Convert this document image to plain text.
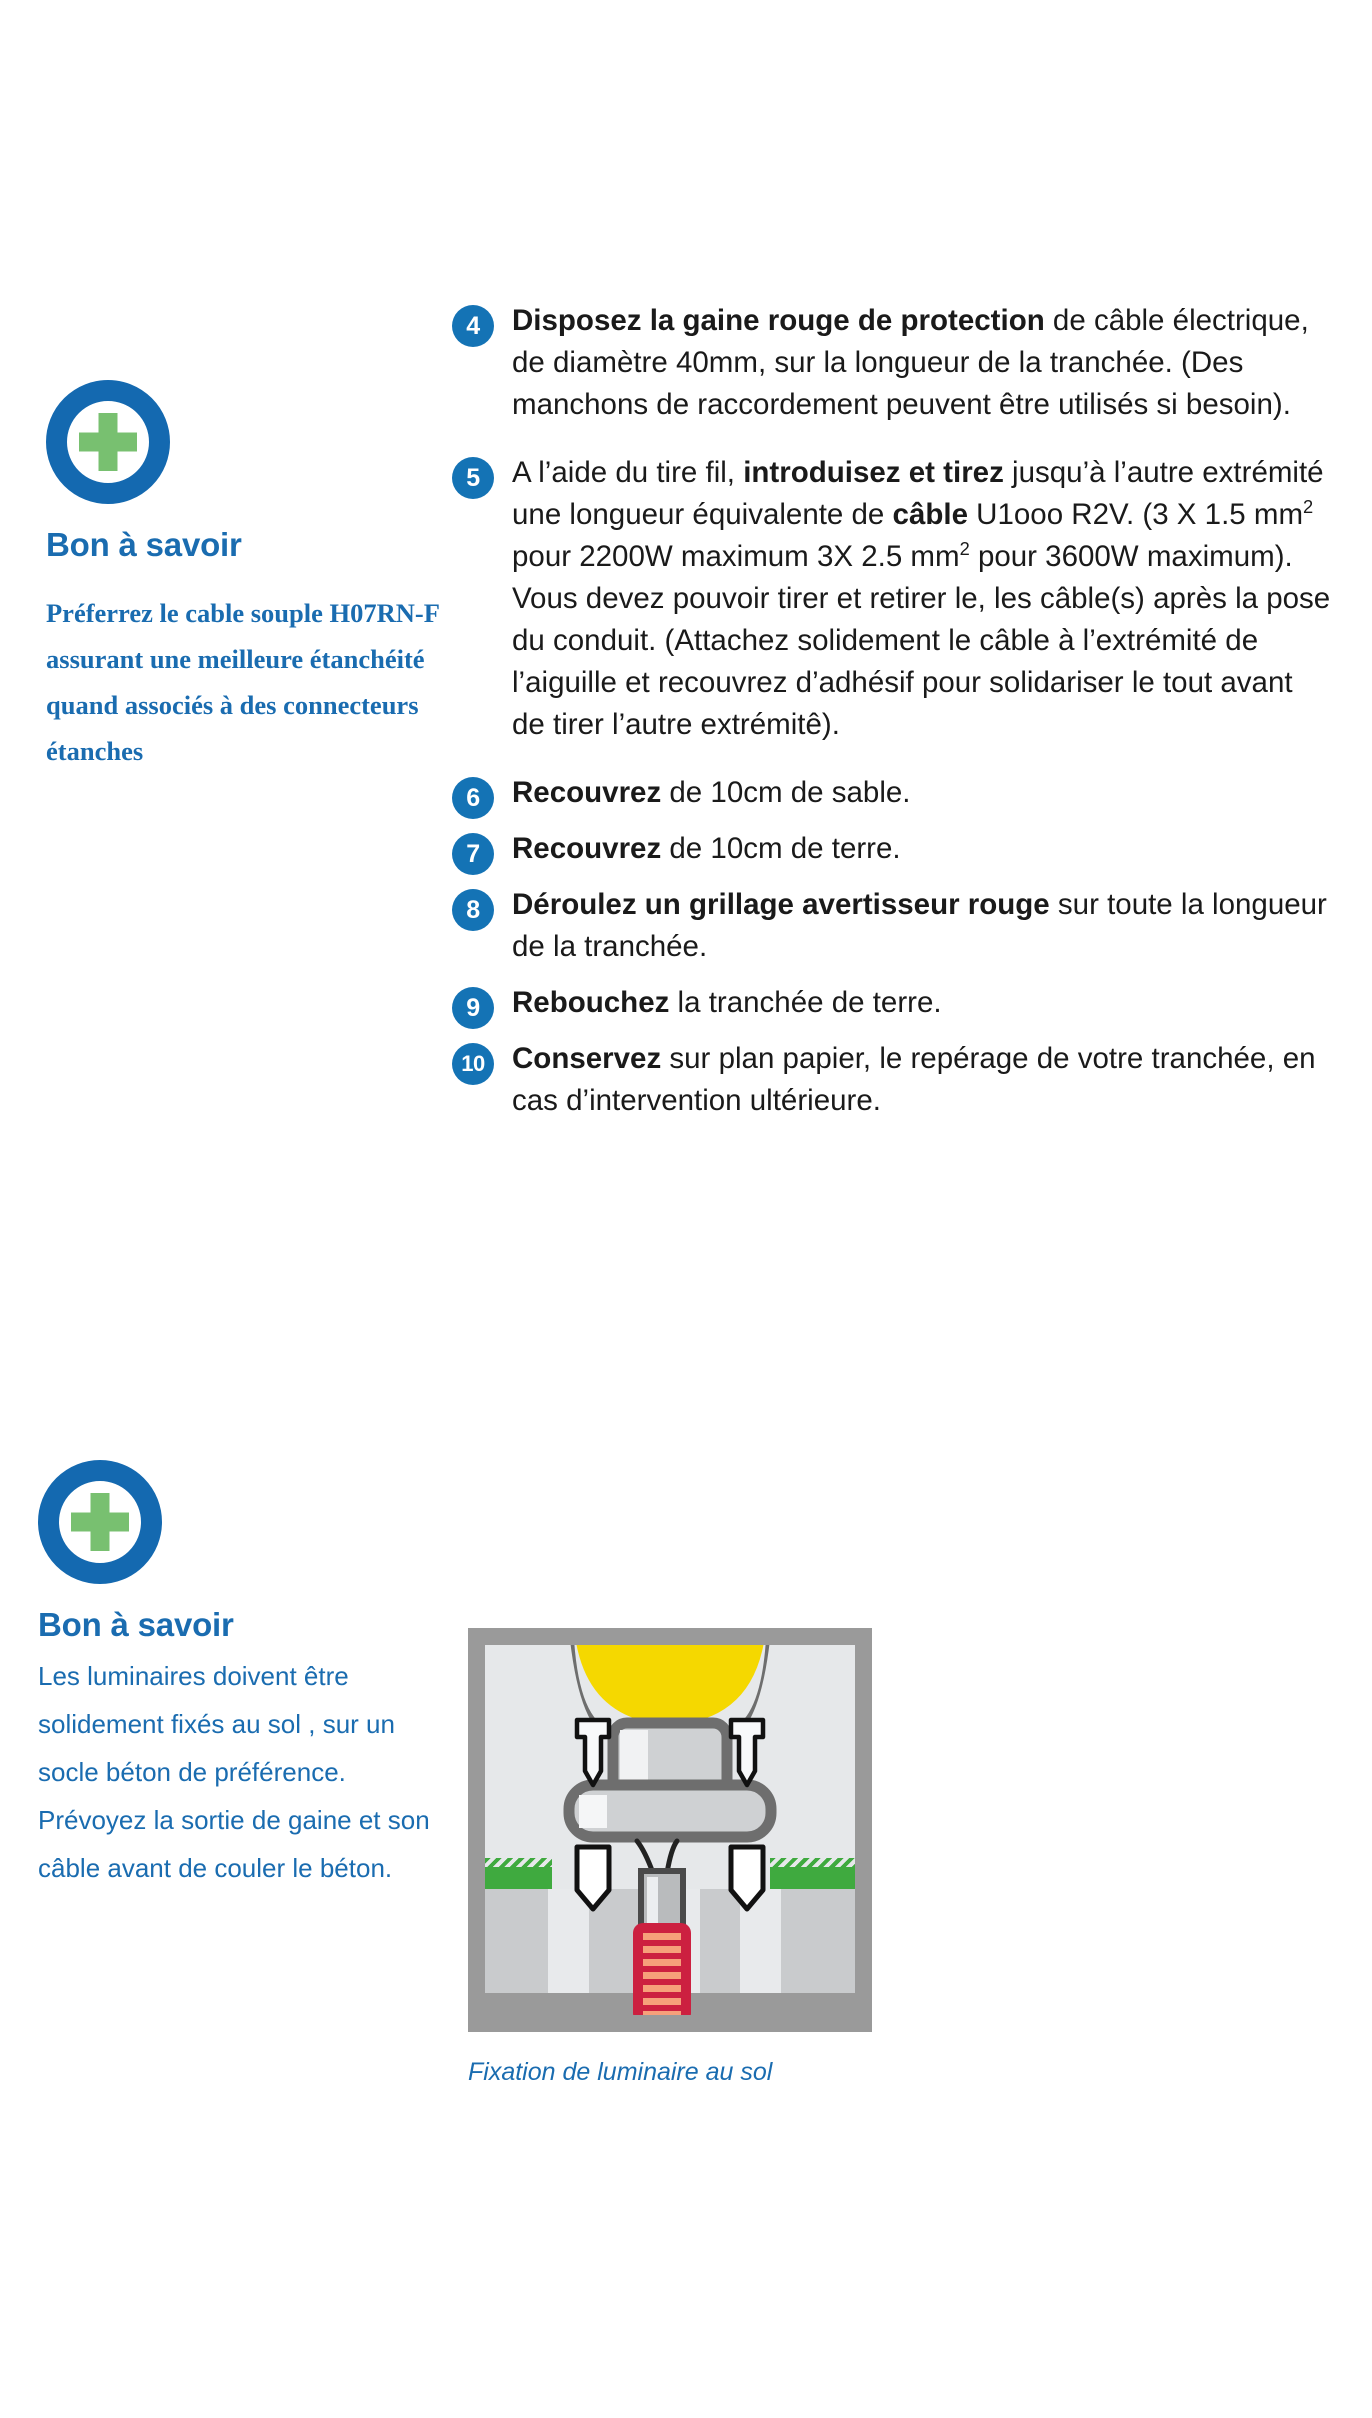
Bon à savoir
Préferrez le cable souple H07RN-F assurant une meilleure étanchéité quand associés à des connecteurs étanches
Bon à savoir
Les luminaires doivent être solidement fixés au sol , sur un socle béton de préférence. Prévoyez la sortie de gaine et son câble avant de couler le béton.
4	Disposez la gaine rouge de protection de câble électrique, de diamètre 40mm, sur la longueur de la tranchée. (Des manchons de raccordement peuvent être utilisés si besoin).
5	A l’aide du tire fil, introduisez et tirez jusqu’à l’autre extrémité une longueur équivalente de câble U1ooo R2V. (3 X 1.5 $mm^2$ pour 2200W maximum 3X 2.5 $mm^2$ pour 3600W maximum). Vous devez pouvoir tirer et retirer le, les câble(s) après la pose du conduit. (Attachez solidement le câble à l’extrémité de l’aiguille et recouvrez d’adhésif pour solidariser le tout avant de tirer l’autre extrémitê).
6	Recouvrez de 10cm de sable.
7	Recouvrez de 10cm de terre.
8	Déroulez un grillage avertisseur rouge sur toute la longueur de la tranchée.
9	Rebouchez la tranchée de terre.
10 Conservez sur plan papier, le repérage de votre tranchée, en cas d’intervention ultérieure.
Fixation de luminaire au sol
